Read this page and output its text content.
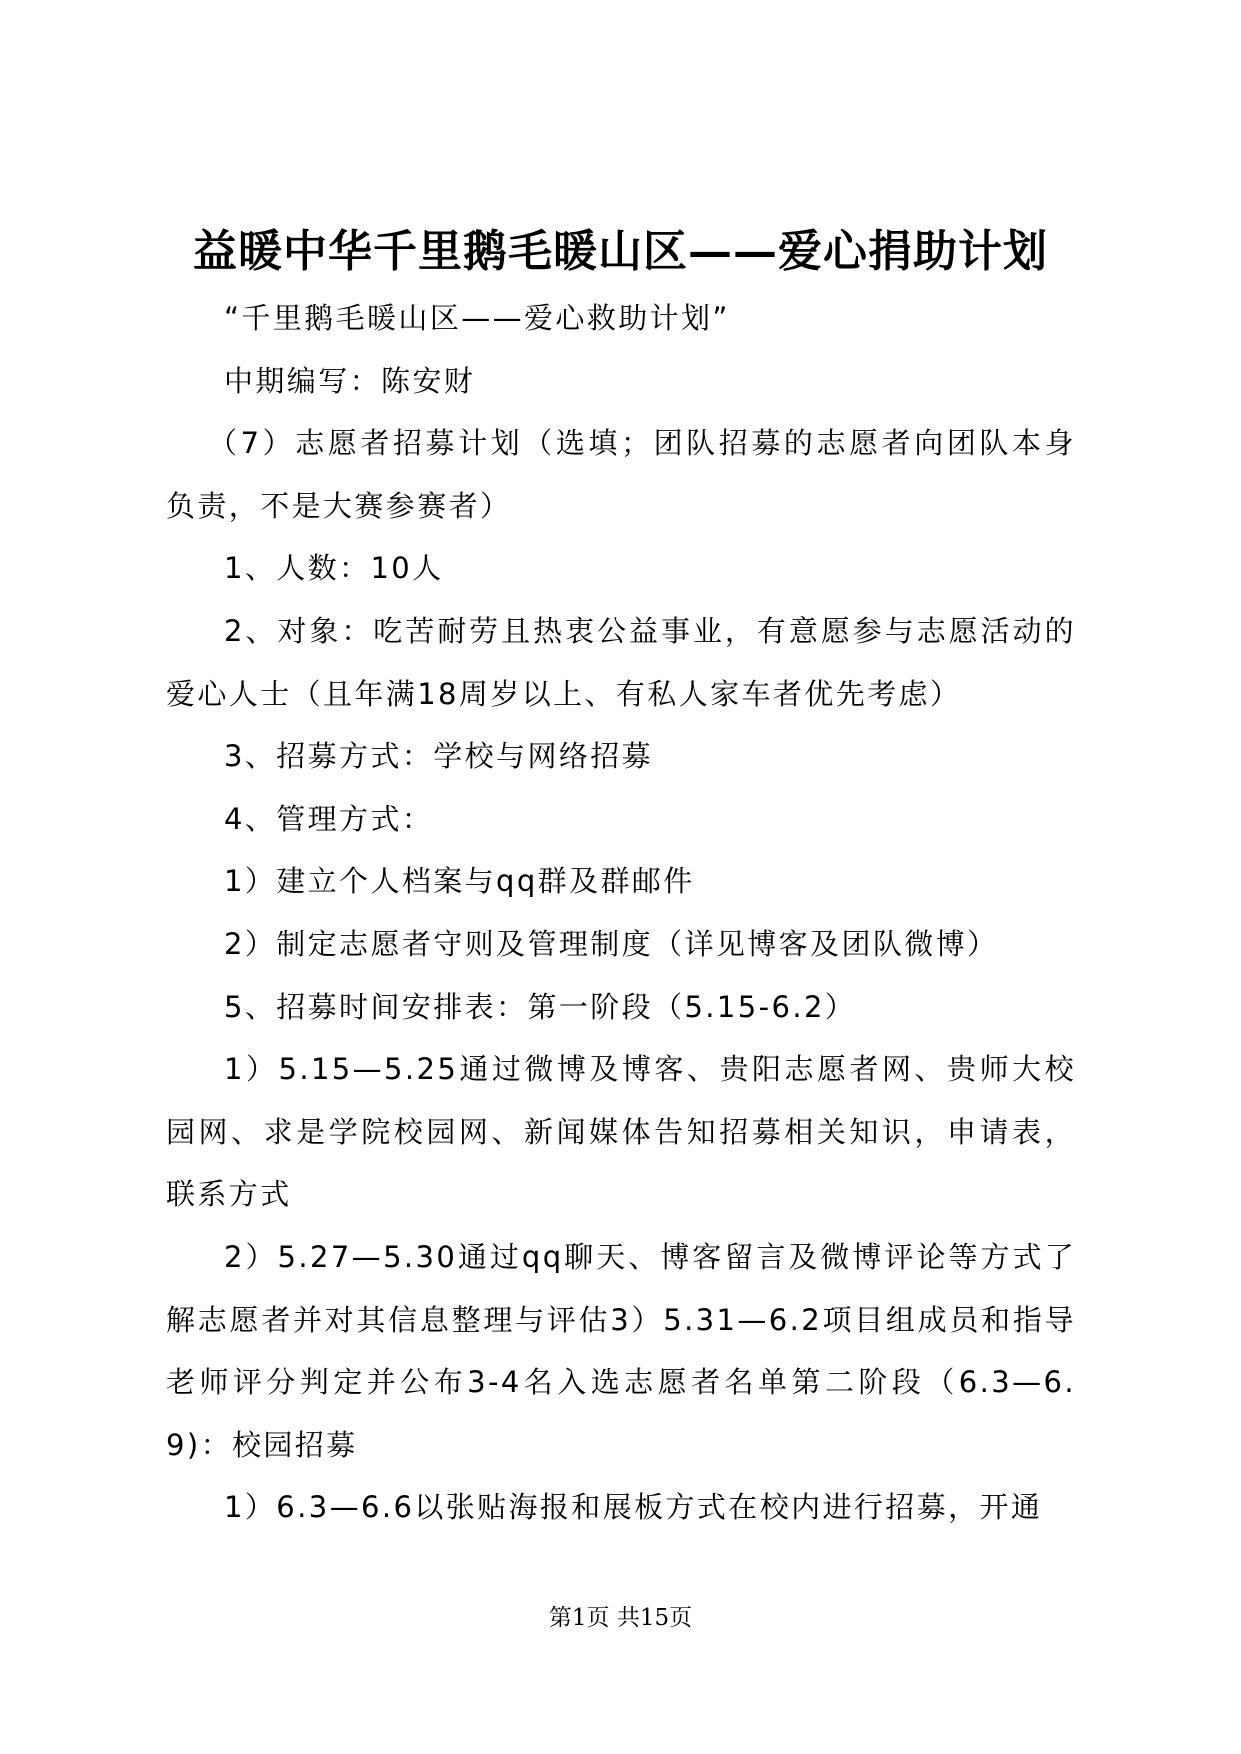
益暖中华千里鹅毛暖山区——爱心捐助计划

“千里鹅毛暖山区——爱心救助计划”

中期编写：陈安财

（7）志愿者招募计划（选填；团队招募的志愿者向团队本身负责，不是大赛参赛者）

1、人数：10人

2、对象：吃苦耐劳且热衷公益事业，有意愿参与志愿活动的爱心人士（且年满18周岁以上、有私人家车者优先考虑）

3、招募方式：学校与网络招募

4、管理方式：

1）建立个人档案与qq群及群邮件

2）制定志愿者守则及管理制度（详见博客及团队微博）

5、招募时间安排表：第一阶段（5.15-6.2）

1）5.15—5.25通过微博及博客、贵阳志愿者网、贵师大校园网、求是学院校园网、新闻媒体告知招募相关知识，申请表，联系方式

2）5.27—5.30通过qq聊天、博客留言及微博评论等方式了解志愿者并对其信息整理与评估3）5.31—6.2项目组成员和指导老师评分判定并公布3-4名入选志愿者名单第二阶段（6.3—6.9)：校园招募

1）6.3—6.6以张贴海报和展板方式在校内进行招募，开通

第1页 共15页
